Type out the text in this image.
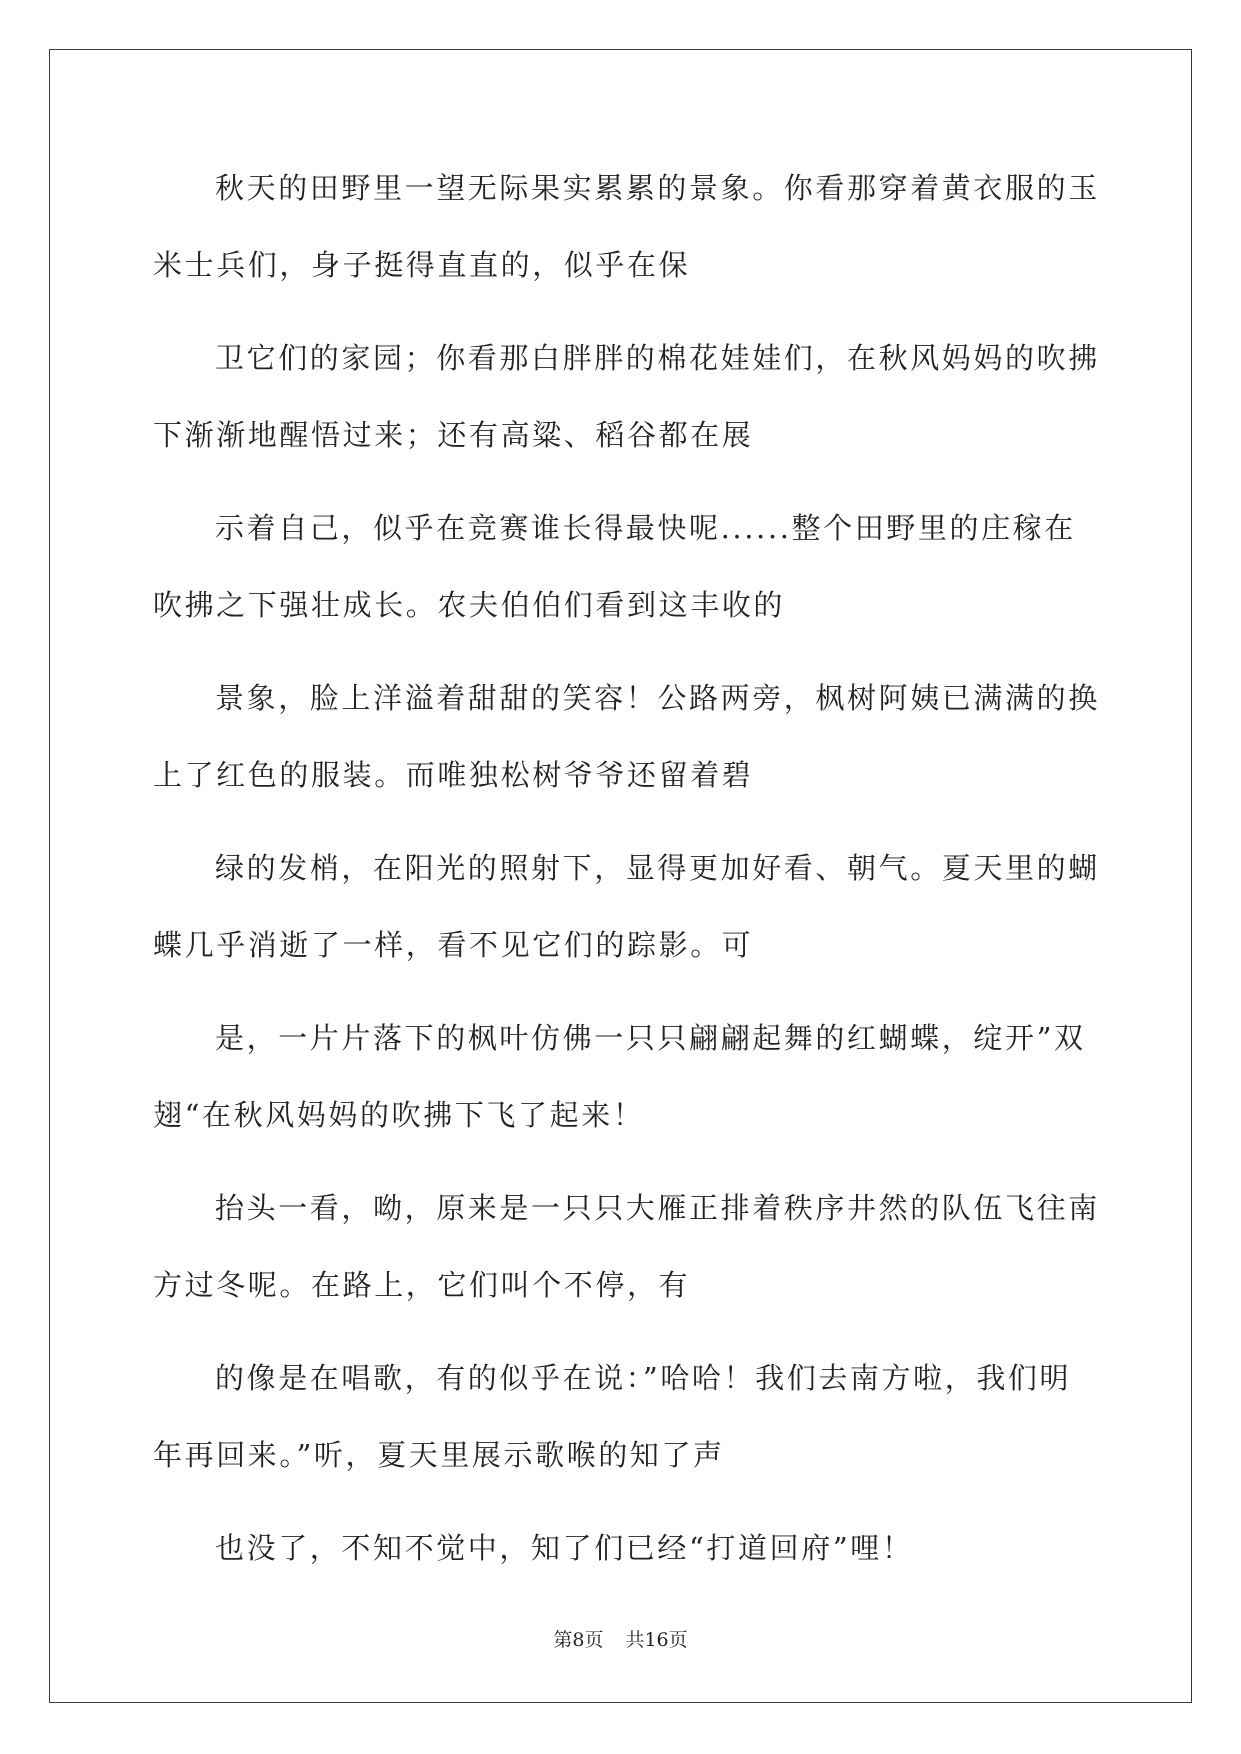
秋天的田野里一望无际果实累累的景象。你看那穿着黄衣服的玉
米士兵们，身子挺得直直的，似乎在保
卫它们的家园；你看那白胖胖的棉花娃娃们，在秋风妈妈的吹拂
下渐渐地醒悟过来；还有高粱、稻谷都在展
示着自己，似乎在竞赛谁长得最快呢......整个田野里的庄稼在
吹拂之下强壮成长。农夫伯伯们看到这丰收的
景象，脸上洋溢着甜甜的笑容！公路两旁，枫树阿姨已满满的换
上了红色的服装。而唯独松树爷爷还留着碧
绿的发梢，在阳光的照射下，显得更加好看、朝气。夏天里的蝴
蝶几乎消逝了一样，看不见它们的踪影。可
是，一片片落下的枫叶仿佛一只只翩翩起舞的红蝴蝶，绽开”双
翅“在秋风妈妈的吹拂下飞了起来！
抬头一看，呦，原来是一只只大雁正排着秩序井然的队伍飞往南
方过冬呢。在路上，它们叫个不停，有
的像是在唱歌，有的似乎在说：”哈哈！我们去南方啦，我们明
年再回来。”听，夏天里展示歌喉的知了声
也没了，不知不觉中，知了们已经“打道回府”哩！
第8页 共16页
